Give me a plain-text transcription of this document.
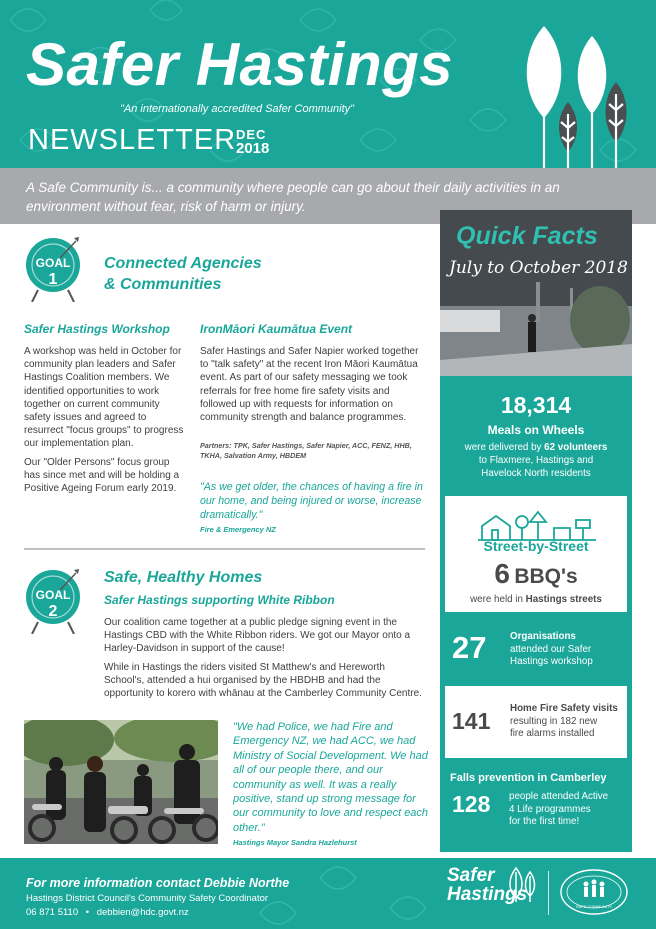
Safer Hastings
"An internationally accredited Safer Community"
NEWSLETTER DEC
2018

A Safe Community is... a community where people can go about their daily activities in an environment without fear, risk of harm or injury.

GOAL
1
Connected Agencies
& Communities
Safer Hastings Workshop

A workshop was held in October for community plan leaders and Safer Hastings Coalition members. We identified opportunities to work together on current community safety issues and agreed to resurrect "focus groups" to progress our implementation plan.

Our "Older Persons" focus group has since met and will be holding a Positive Ageing Forum early 2019.

IronMāori Kaumātua Event

Safer Hastings and Safer Napier worked together to "talk safety" at the recent Iron Māori Kaumātua event. As part of our safety messaging we took referrals for free home fire safety visits and followed up with requests for information on community strength and balance programmes.

Partners: TPK, Safer Hastings, Safer Napier, ACC, FENZ, HHB, TKHA, Salvation Army, HBDEM
"As we get older, the chances of having a fire in our home, and being injured or worse, increase dramatically."
Fire & Emergency NZ
GOAL
2
Safe, Healthy Homes
Safer Hastings supporting White Ribbon

Our coalition came together at a public pledge signing event in the Hastings CBD with the White Ribbon riders. We got our Mayor onto a Harley-Davidson in support of the cause!

While in Hastings the riders visited St Matthew's and Hereworth School's, attended a hui organised by the HBDHB and had the opportunity to korero with whānau at the Camberley Community Centre.

"We had Police, we had Fire and Emergency NZ, we had ACC, we had Ministry of Social Development. We had all of our people there, and our community as well. It was a really positive, stand up strong message for our community to love and respect each other."
Hastings Mayor Sandra Hazlehurst
Quick Facts
July to October 2018
18,314
Meals on Wheels
were delivered by 62 volunteers
to Flaxmere, Hastings and
Havelock North residents
Street-by-Street
6 BBQ's
were held in Hastings streets
27 Organisations
attended our Safer
Hastings workshop
141 Home Fire Safety visits
resulting in 182 new
fire alarms installed
Falls prevention in Camberley
128 people attended Active
4 Life programmes
for the first time!
For more information contact Debbie Northe
Hastings District Council's Community Safety Coordinator
06 871 5110 • debbien@hdc.govt.nz
Safer
Hastings
SAFE COMMUNITY
